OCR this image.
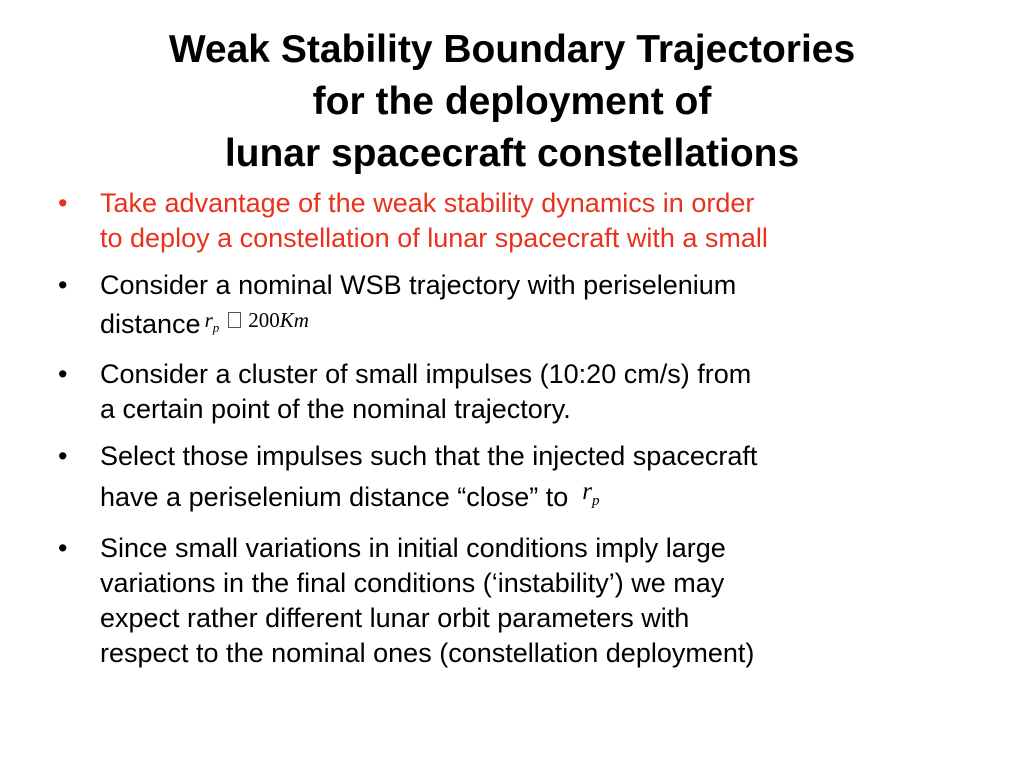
Weak Stability Boundary Trajectories
for the deployment of
lunar spacecraft constellations
•	Take advantage of the weak stability dynamics in order
to deploy a constellation of lunar spacecraft with a small
•	Consider a nominal WSB trajectory with periselenium
distance $r_p$ 200Km
•	Consider a cluster of small impulses (10:20 cm/s) from
a certain point of the nominal trajectory.
•	Select those impulses such that the injected spacecraft
have a periselenium distance “close” to $r_p$
•	Since small variations in initial conditions imply large
variations in the final conditions (‘instability’) we may
expect rather different lunar orbit parameters with
respect to the nominal ones (constellation deployment)
